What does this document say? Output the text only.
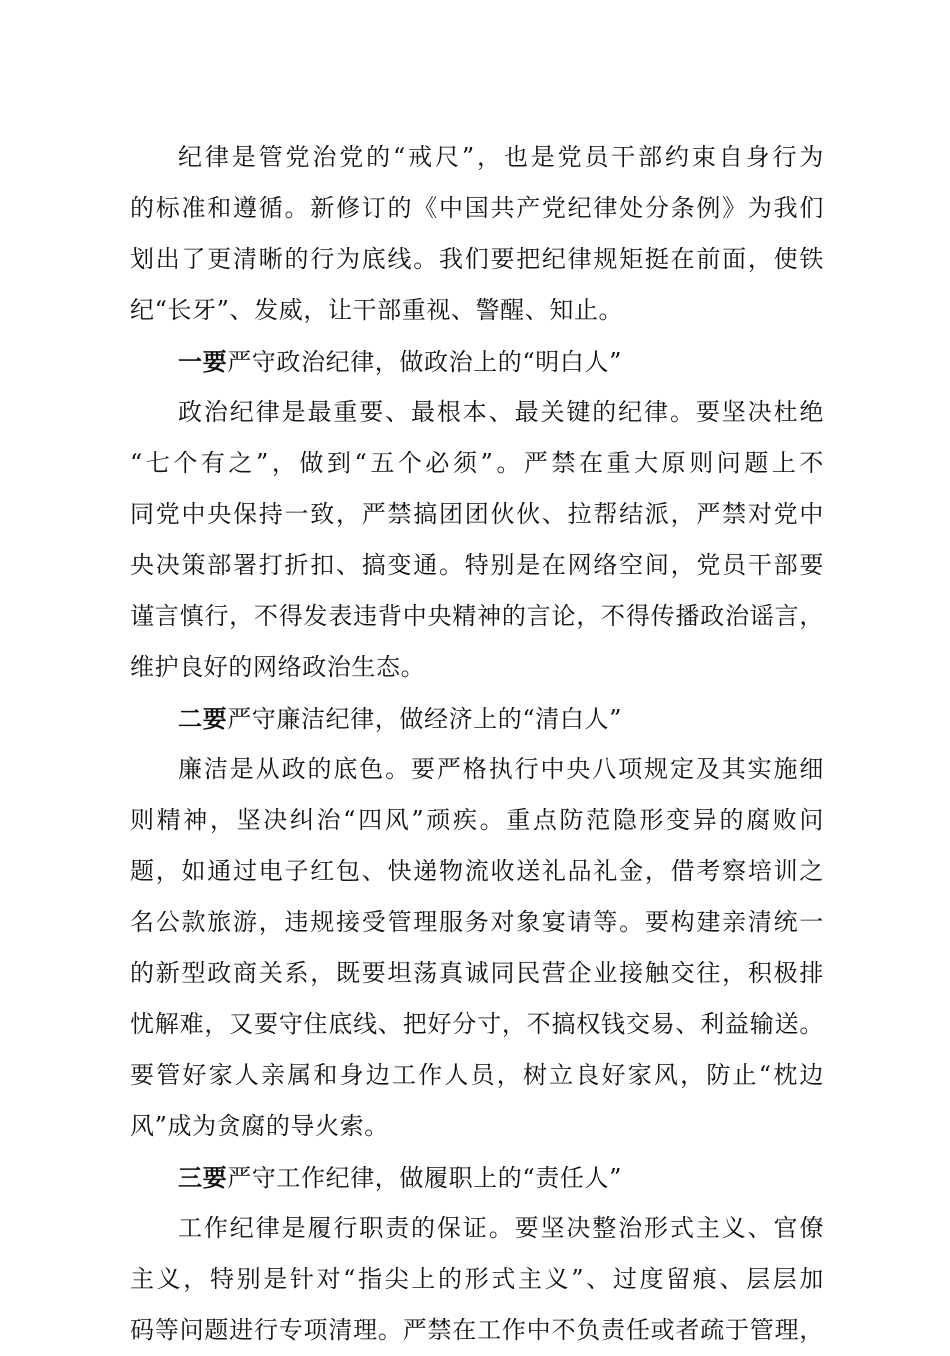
纪律是管党治党的“戒尺”，也是党员干部约束自身行为
的标准和遵循。新修订的《中国共产党纪律处分条例》为我们
划出了更清晰的行为底线。我们要把纪律规矩挺在前面，使铁
纪“长牙”、发威，让干部重视、警醒、知止。
一要严守政治纪律，做政治上的“明白人”
政治纪律是最重要、最根本、最关键的纪律。要坚决杜绝
“七个有之”，做到“五个必须”。严禁在重大原则问题上不
同党中央保持一致，严禁搞团团伙伙、拉帮结派，严禁对党中
央决策部署打折扣、搞变通。特别是在网络空间，党员干部要
谨言慎行，不得发表违背中央精神的言论，不得传播政治谣言，
维护良好的网络政治生态。
二要严守廉洁纪律，做经济上的“清白人”
廉洁是从政的底色。要严格执行中央八项规定及其实施细
则精神，坚决纠治“四风”顽疾。重点防范隐形变异的腐败问
题，如通过电子红包、快递物流收送礼品礼金，借考察培训之
名公款旅游，违规接受管理服务对象宴请等。要构建亲清统一
的新型政商关系，既要坦荡真诚同民营企业接触交往，积极排
忧解难，又要守住底线、把好分寸，不搞权钱交易、利益输送。
要管好家人亲属和身边工作人员，树立良好家风，防止“枕边
风”成为贪腐的导火索。
三要严守工作纪律，做履职上的“责任人”
工作纪律是履行职责的保证。要坚决整治形式主义、官僚
主义，特别是针对“指尖上的形式主义”、过度留痕、层层加
码等问题进行专项清理。严禁在工作中不负责任或者疏于管理，
